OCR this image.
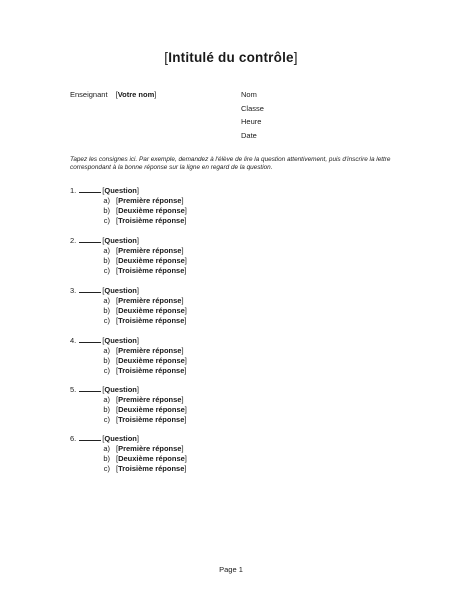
[Intitulé du contrôle]
Enseignant [Votre nom]	Nom
Classe
Heure
Date
Tapez les consignes ici. Par exemple, demandez à l'élève de lire la question attentivement, puis d'inscrire la lettre correspondant à la bonne réponse sur la ligne en regard de la question.
1.	[Question]
a) [Première réponse]
b) [Deuxième réponse]
c) [Troisième réponse]
2.	[Question]
a) [Première réponse]
b) [Deuxième réponse]
c) [Troisième réponse]
3.	[Question]
a) [Première réponse]
b) [Deuxième réponse]
c) [Troisième réponse]
4.	[Question]
a) [Première réponse]
b) [Deuxième réponse]
c) [Troisième réponse]
5.	[Question]
a) [Première réponse]
b) [Deuxième réponse]
c) [Troisième réponse]
6.	[Question]
a) [Première réponse]
b) [Deuxième réponse]
c) [Troisième réponse]
Page 1
